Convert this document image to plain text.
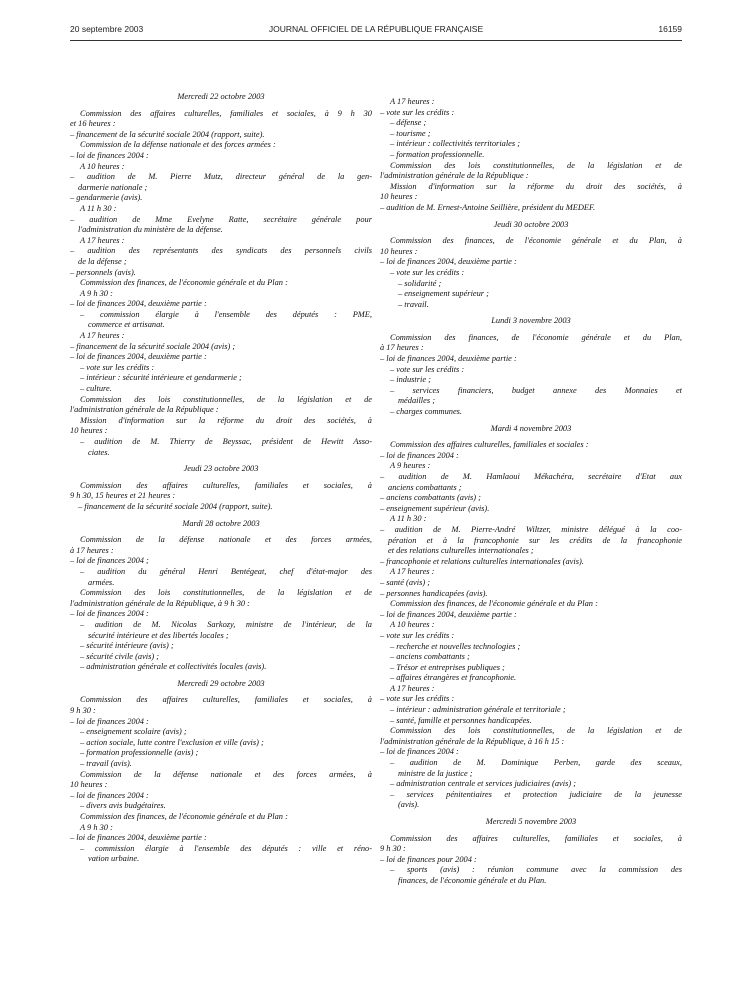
20 septembre 2003	JOURNAL OFFICIEL DE LA RÉPUBLIQUE FRANÇAISE	16159
Mercredi 22 octobre 2003
Commission des affaires culturelles, familiales et sociales, à 9 h 30
et 16 heures :
– financement de la sécurité sociale 2004 (rapport, suite).
Commission de la défense nationale et des forces armées :
– loi de finances 2004 :
A 10 heures :
– audition de M. Pierre Mutz, directeur général de la gen-
darmerie nationale ;
– gendarmerie (avis).
A 11 h 30 :
– audition de Mme Evelyne Ratte, secrétaire générale pour
l'administration du ministère de la défense.
A 17 heures :
– audition des représentants des syndicats des personnels civils
de la défense ;
– personnels (avis).
Commission des finances, de l'économie générale et du Plan :
A 9 h 30 :
– loi de finances 2004, deuxième partie :
– commission élargie à l'ensemble des députés : PME,
commerce et artisanat.
A 17 heures :
– financement de la sécurité sociale 2004 (avis) ;
– loi de finances 2004, deuxième partie :
– vote sur les crédits :
– intérieur : sécurité intérieure et gendarmerie ;
– culture.
Commission des lois constitutionnelles, de la législation et de
l'administration générale de la République :
Mission d'information sur la réforme du droit des sociétés, à
10 heures :
– audition de M. Thierry de Beyssac, président de Hewitt Asso-
ciates.
Jeudi 23 octobre 2003
Commission des affaires culturelles, familiales et sociales, à
9 h 30, 15 heures et 21 heures :
– financement de la sécurité sociale 2004 (rapport, suite).
Mardi 28 octobre 2003
Commission de la défense nationale et des forces armées,
à 17 heures :
– loi de finances 2004 ;
– audition du général Henri Bentégeat, chef d'état-major des
armées.
Commission des lois constitutionnelles, de la législation et de
l'administration générale de la République, à 9 h 30 :
– loi de finances 2004 :
– audition de M. Nicolas Sarkozy, ministre de l'intérieur, de la
sécurité intérieure et des libertés locales ;
– sécurité intérieure (avis) ;
– sécurité civile (avis) ;
– administration générale et collectivités locales (avis).
Mercredi 29 octobre 2003
Commission des affaires culturelles, familiales et sociales, à
9 h 30 :
– loi de finances 2004 :
– enseignement scolaire (avis) ;
– action sociale, lutte contre l'exclusion et ville (avis) ;
– formation professionnelle (avis) ;
– travail (avis).
Commission de la défense nationale et des forces armées, à
10 heures :
– loi de finances 2004 :
– divers avis budgétaires.
Commission des finances, de l'économie générale et du Plan :
A 9 h 30 :
– loi de finances 2004, deuxième partie :
– commission élargie à l'ensemble des députés : ville et réno-
vation urbaine.
A 17 heures :
– vote sur les crédits :
– défense ;
– tourisme ;
– intérieur : collectivités territoriales ;
– formation professionnelle.
Commission des lois constitutionnelles, de la législation et de
l'administration générale de la République :
Mission d'information sur la réforme du droit des sociétés, à
10 heures :
– audition de M. Ernest-Antoine Seillière, président du MEDEF.
Jeudi 30 octobre 2003
Commission des finances, de l'économie générale et du Plan, à
10 heures :
– loi de finances 2004, deuxième partie :
– vote sur les crédits :
– solidarité ;
– enseignement supérieur ;
– travail.
Lundi 3 novembre 2003
Commission des finances, de l'économie générale et du Plan,
à 17 heures :
– loi de finances 2004, deuxième partie :
– vote sur les crédits :
– industrie ;
– services financiers, budget annexe des Monnaies et
médailles ;
– charges communes.
Mardi 4 novembre 2003
Commission des affaires culturelles, familiales et sociales :
– loi de finances 2004 :
A 9 heures :
– audition de M. Hamlaoui Mékachéra, secrétaire d'Etat aux
anciens combattants ;
– anciens combattants (avis) ;
– enseignement supérieur (avis).
A 11 h 30 :
– audition de M. Pierre-André Wiltzer, ministre délégué à la coo-
pération et à la francophonie sur les crédits de la francophonie
et des relations culturelles internationales ;
– francophonie et relations culturelles internationales (avis).
A 17 heures :
– santé (avis) ;
– personnes handicapées (avis).
Commission des finances, de l'économie générale et du Plan :
– loi de finances 2004, deuxième partie :
A 10 heures :
– vote sur les crédits :
– recherche et nouvelles technologies ;
– anciens combattants ;
– Trésor et entreprises publiques ;
– affaires étrangères et francophonie.
A 17 heures :
– vote sur les crédits :
– intérieur : administration générale et territoriale ;
– santé, famille et personnes handicapées.
Commission des lois constitutionnelles, de la législation et de
l'administration générale de la République, à 16 h 15 :
– loi de finances 2004 :
– audition de M. Dominique Perben, garde des sceaux,
ministre de la justice ;
– administration centrale et services judiciaires (avis) ;
– services pénitentiaires et protection judiciaire de la jeunesse
(avis).
Mercredi 5 novembre 2003
Commission des affaires culturelles, familiales et sociales, à
9 h 30 :
– loi de finances pour 2004 :
– sports (avis) : réunion commune avec la commission des
finances, de l'économie générale et du Plan.
